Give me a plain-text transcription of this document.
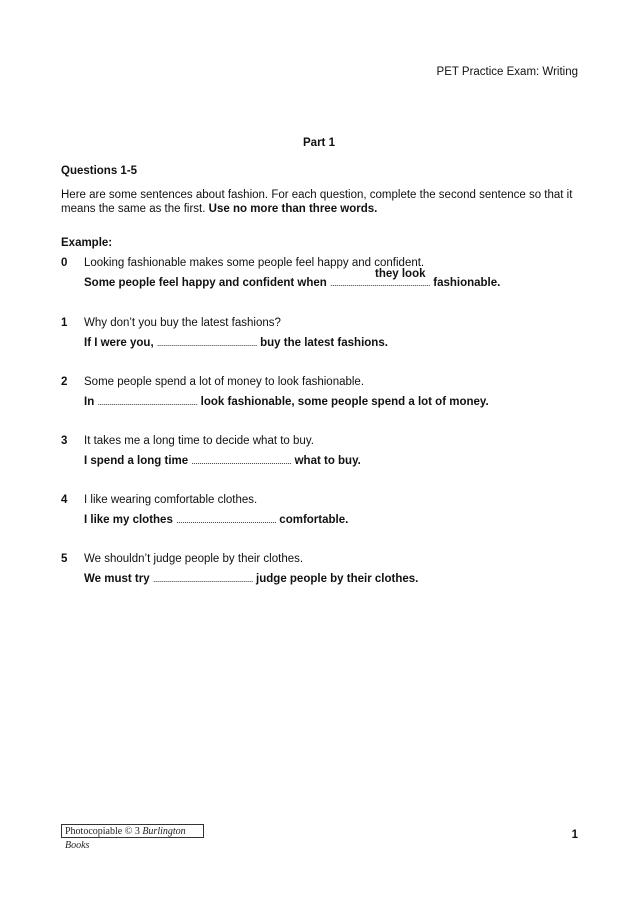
PET Practice Exam: Writing
Part 1
Questions 1-5
Here are some sentences about fashion. For each question, complete the second sentence so that it means the same as the first. Use no more than three words.
Example:
0 Looking fashionable makes some people feel happy and confident.
Some people feel happy and confident when ..................................................
they look
fashionable.
1 Why don’t you buy the latest fashions?
If I were you, .................................................. buy the latest fashions.
2 Some people spend a lot of money to look fashionable.
In .................................................. look fashionable, some people spend a lot of money.
3 It takes me a long time to decide what to buy.
I spend a long time .................................................. what to buy.
4 I like wearing comfortable clothes.
I like my clothes .................................................. comfortable.
5 We shouldn’t judge people by their clothes.
We must try .................................................. judge people by their clothes.
Photocopiable © 3 Burlington Books
1
